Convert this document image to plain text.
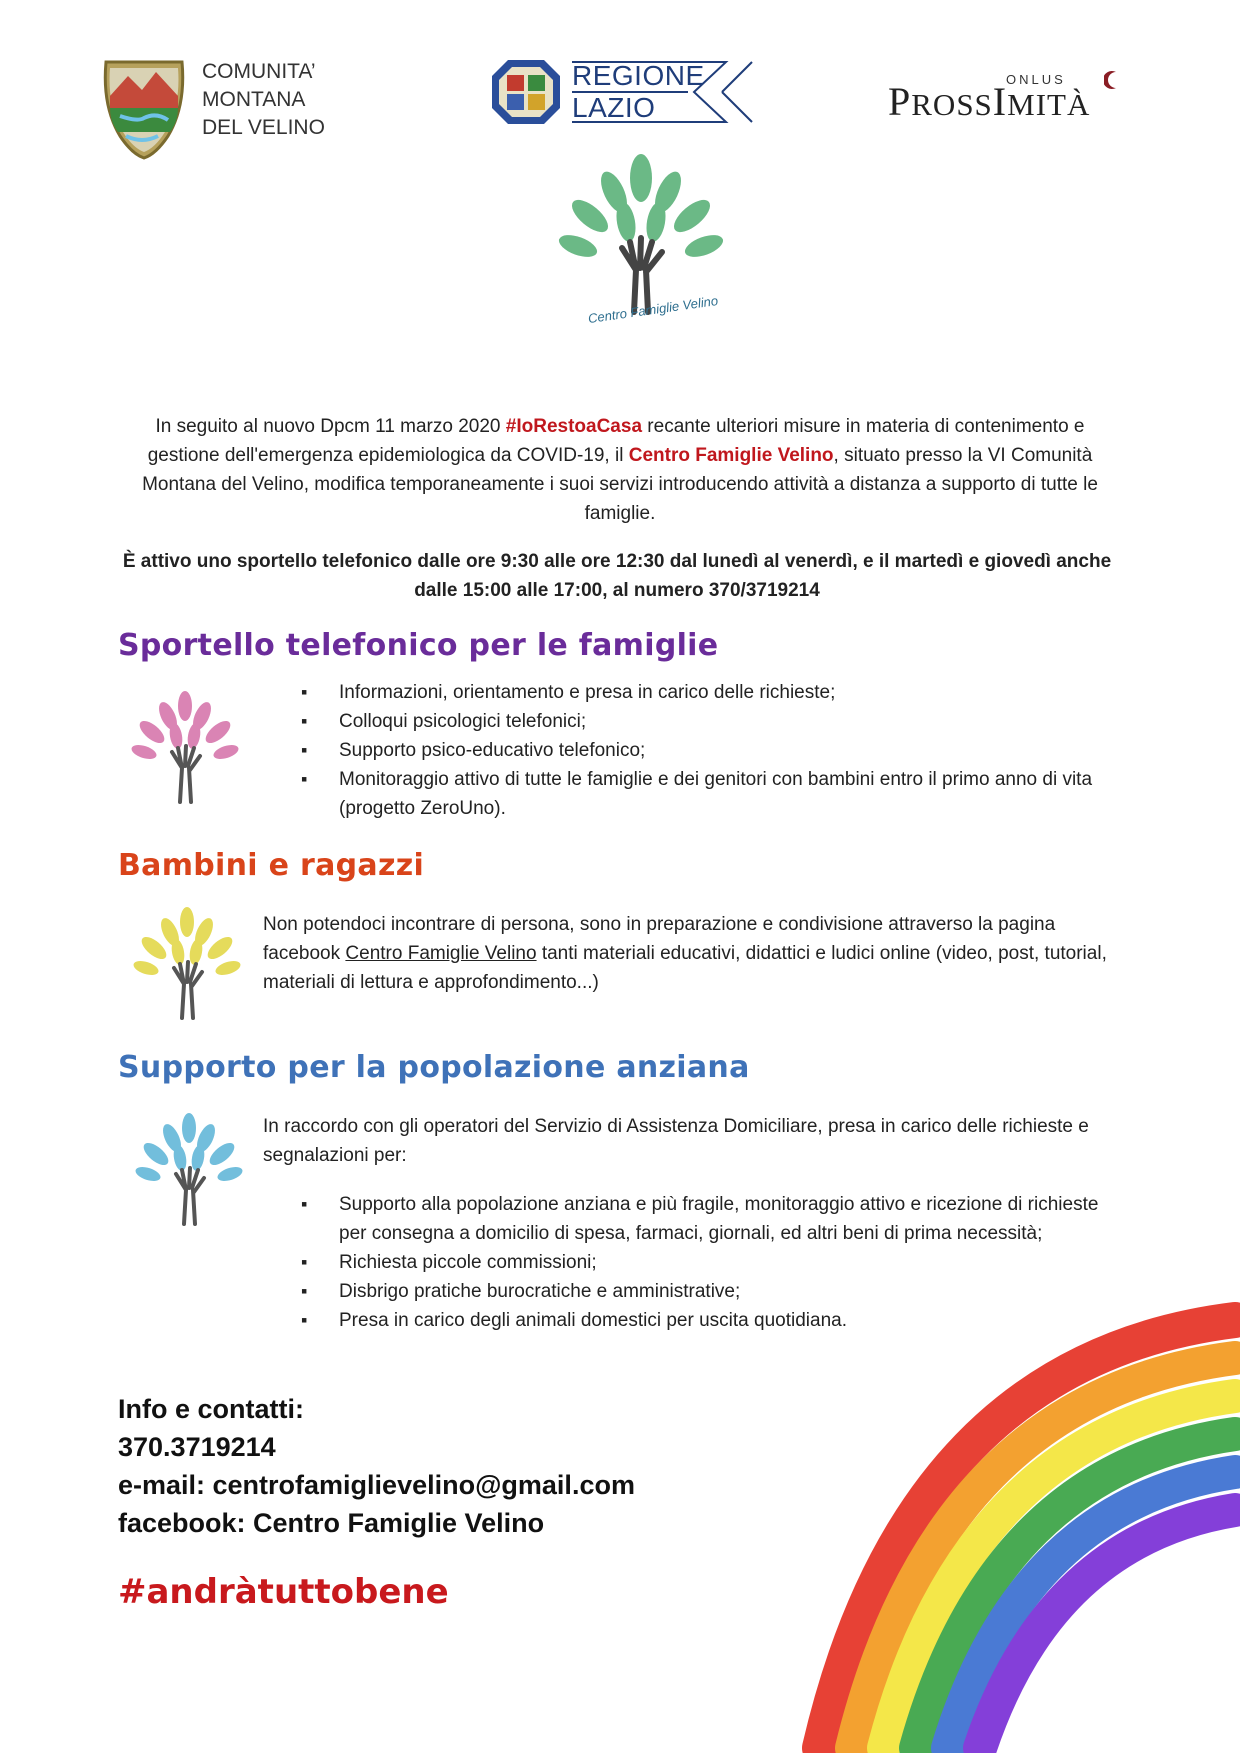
COMUNITA’
MONTANA
DEL VELINO
REGIONE
LAZIO
ONLUS
PROSSIMITÀ
Centro Famiglie Velino
In seguito al nuovo Dpcm 11 marzo 2020 #IoRestoaCasa recante ulteriori misure in materia di contenimento e gestione dell'emergenza epidemiologica da COVID-19, il Centro Famiglie Velino, situato presso la VI Comunità Montana del Velino, modifica temporaneamente i suoi servizi introducendo attività a distanza a supporto di tutte le famiglie.
È attivo uno sportello telefonico dalle ore 9:30 alle ore 12:30 dal lunedì al venerdì, e il martedì e giovedì anche dalle 15:00 alle 17:00, al numero 370/3719214
Sportello telefonico per le famiglie
▪ Informazioni, orientamento e presa in carico delle richieste;
▪ Colloqui psicologici telefonici;
▪ Supporto psico-educativo telefonico;
▪ Monitoraggio attivo di tutte le famiglie e dei genitori con bambini entro il primo anno di vita (progetto ZeroUno).
Bambini e ragazzi
Non potendoci incontrare di persona, sono in preparazione e condivisione attraverso la pagina facebook Centro Famiglie Velino tanti materiali educativi, didattici e ludici online (video, post, tutorial, materiali di lettura e approfondimento...)
Supporto per la popolazione anziana
In raccordo con gli operatori del Servizio di Assistenza Domiciliare, presa in carico delle richieste e segnalazioni per:
▪ Supporto alla popolazione anziana e più fragile, monitoraggio attivo e ricezione di richieste per consegna a domicilio di spesa, farmaci, giornali, ed altri beni di prima necessità;
▪ Richiesta piccole commissioni;
▪ Disbrigo pratiche burocratiche e amministrative;
▪ Presa in carico degli animali domestici per uscita quotidiana.
Info e contatti:
370.3719214
e-mail: centrofamiglievelino@gmail.com
facebook: Centro Famiglie Velino
#andràtuttobene
